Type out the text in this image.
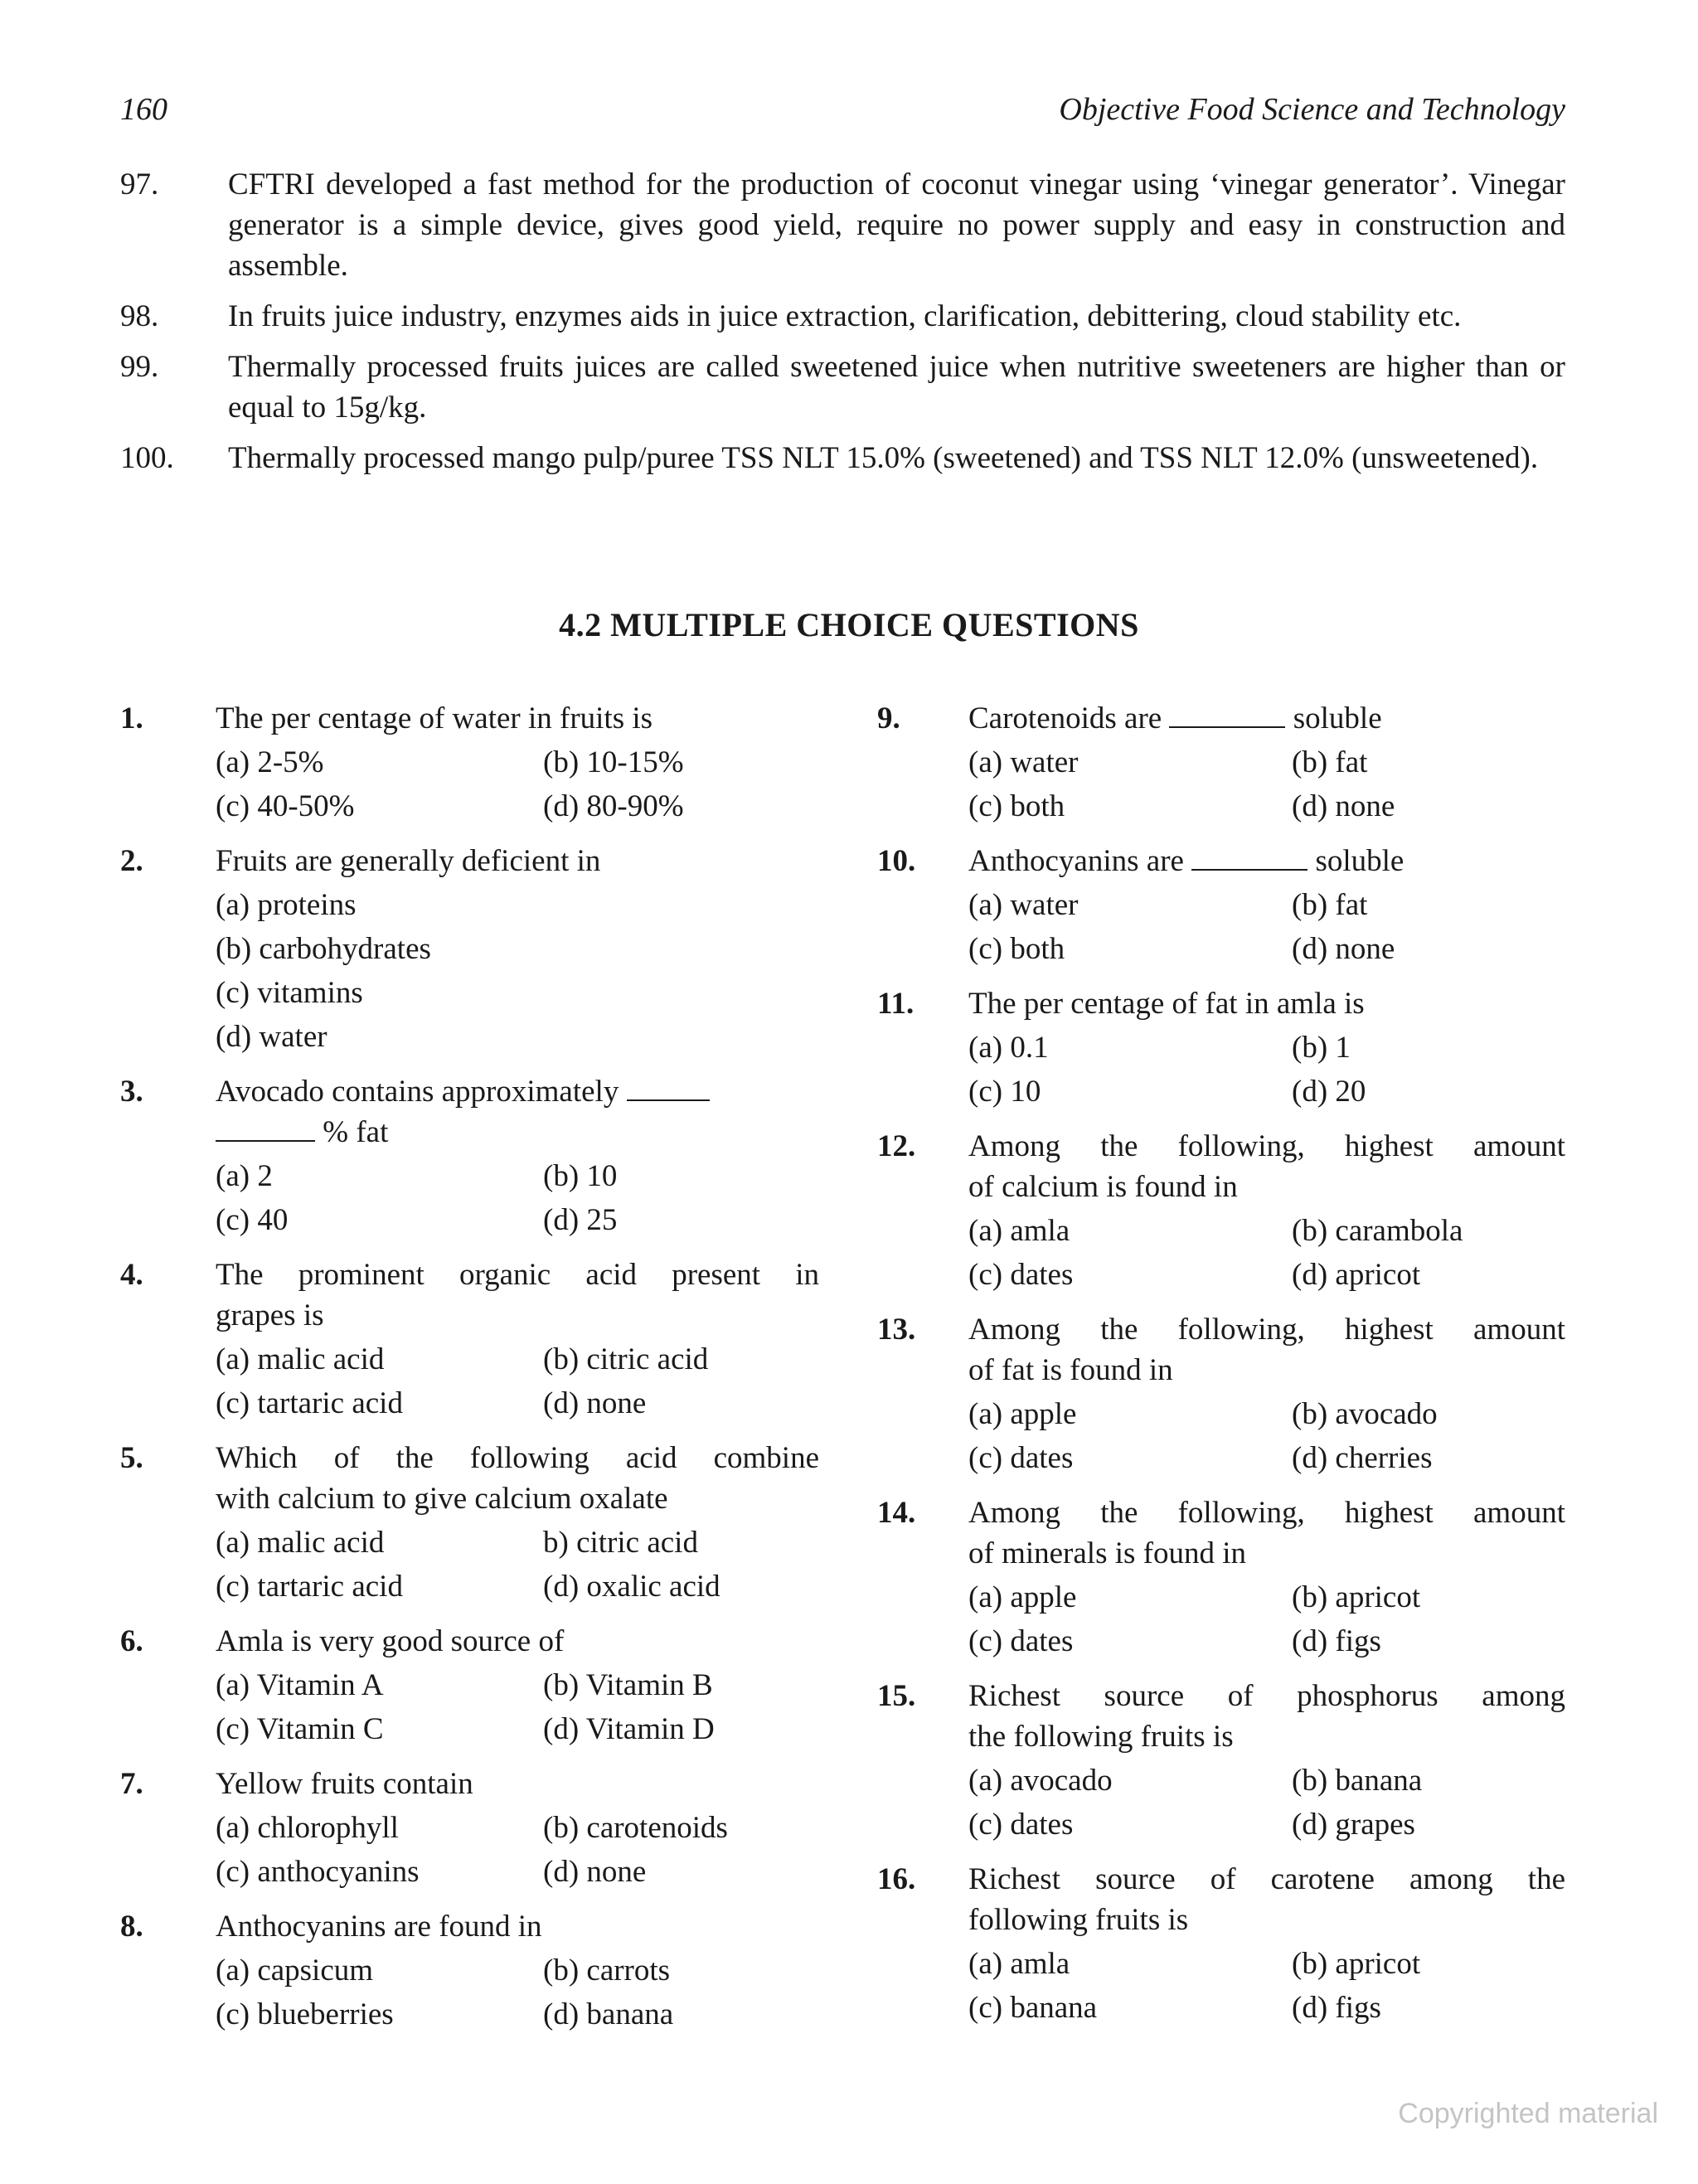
160	Objective Food Science and Technology
97. CFTRI developed a fast method for the production of coconut vinegar using ‘vinegar generator’. Vinegar generator is a simple device, gives good yield, require no power supply and easy in construction and assemble.
98. In fruits juice industry, enzymes aids in juice extraction, clarification, debittering, cloud stability etc.
99. Thermally processed fruits juices are called sweetened juice when nutritive sweeteners are higher than or equal to 15g/kg.
100. Thermally processed mango pulp/puree TSS NLT 15.0% (sweetened) and TSS NLT 12.0% (unsweetened).
4.2 MULTIPLE CHOICE QUESTIONS
1. The per centage of water in fruits is
(a) 2-5%	(b) 10-15%
(c) 40-50%	(d) 80-90%
2. Fruits are generally deficient in
(a) proteins
(b) carbohydrates
(c) vitamins
(d) water
3. Avocado contains approximately
% fat
(a) 2	(b) 10
(c) 40	(d) 25
4. The prominent organic acid present in
grapes is
(a) malic acid	(b) citric acid
(c) tartaric acid	(d) none
5. Which of the following acid combine
with calcium to give calcium oxalate
(a) malic acid	b) citric acid
(c) tartaric acid	(d) oxalic acid
6. Amla is very good source of
(a) Vitamin A	(b) Vitamin B
(c) Vitamin C	(d) Vitamin D
7. Yellow fruits contain
(a) chlorophyll	(b) carotenoids
(c) anthocyanins	(d) none
8. Anthocyanins are found in
(a) capsicum	(b) carrots
(c) blueberries	(d) banana
9. Carotenoids are	soluble
(a) water	(b) fat
(c) both	(d) none
10. Anthocyanins are	soluble
(a) water	(b) fat
(c) both	(d) none
11. The per centage of fat in amla is
(a) 0.1	(b) 1
(c) 10	(d) 20
12. Among the following, highest amount
of calcium is found in
(a) amla	(b) carambola
(c) dates	(d) apricot
13. Among the following, highest amount
of fat is found in
(a) apple	(b) avocado
(c) dates	(d) cherries
14. Among the following, highest amount
of minerals is found in
(a) apple	(b) apricot
(c) dates	(d) figs
15. Richest source of phosphorus among
the following fruits is
(a) avocado	(b) banana
(c) dates	(d) grapes
16. Richest source of carotene among the
following fruits is
(a) amla	(b) apricot
(c) banana	(d) figs
Copyrighted material
